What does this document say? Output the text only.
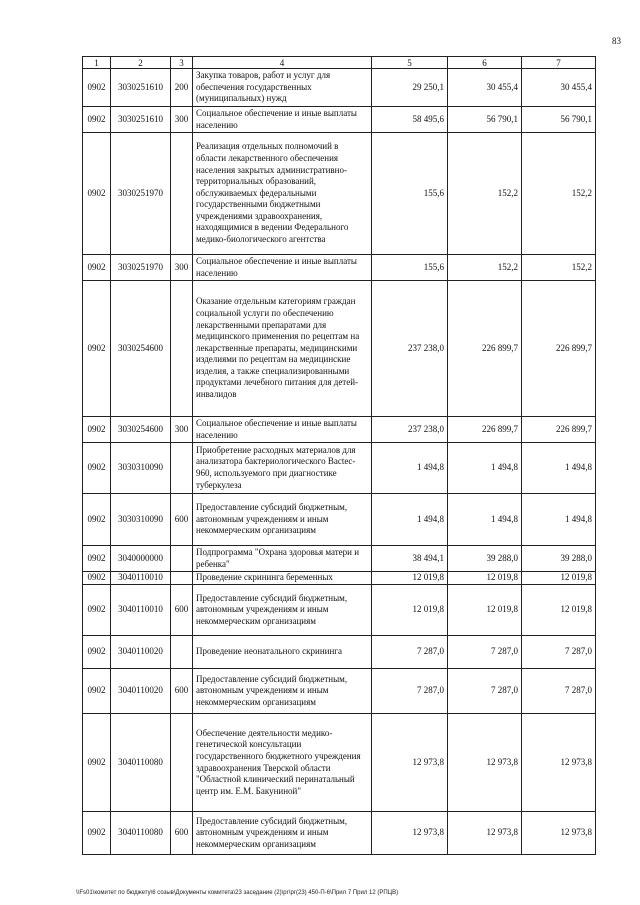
83
1	2	3	4	5	6	7
0902	3030251610	200	Закупка товаров, работ и услуг для обеспечения государственных (муниципальных) нужд	29 250,1	30 455,4	30 455,4
0902	3030251610	300	Социальное обеспечение и иные выплаты населению	58 495,6	56 790,1	56 790,1
0902	3030251970		Реализация отдельных полномочий в области лекарственного обеспечения населения закрытых административно-территориальных образований, обслуживаемых федеральными государственными бюджетными учреждениями здравоохранения, находящимися в ведении Федерального медико-биологического агентства	155,6	152,2	152,2
0902	3030251970	300	Социальное обеспечение и иные выплаты населению	155,6	152,2	152,2
0902	3030254600		Оказание отдельным категориям граждан социальной услуги по обеспечению лекарственными препаратами для медицинского применения по рецептам на лекарственные препараты, медицинскими изделиями по рецептам на медицинские изделия, а также специализированными продуктами лечебного питания для детей-инвалидов	237 238,0	226 899,7	226 899,7
0902	3030254600	300	Социальное обеспечение и иные выплаты населению	237 238,0	226 899,7	226 899,7
0902	3030310090		Приобретение расходных материалов для анализатора бактериологического Bactec-960, используемого при диагностике туберкулеза	1 494,8	1 494,8	1 494,8
0902	3030310090	600	Предоставление субсидий бюджетным, автономным учреждениям и иным некоммерческим организациям	1 494,8	1 494,8	1 494,8
0902	3040000000		Подпрограмма "Охрана здоровья матери и ребенка"	38 494,1	39 288,0	39 288,0
0902	3040110010		Проведение скрининга беременных	12 019,8	12 019,8	12 019,8
0902	3040110010	600	Предоставление субсидий бюджетным, автономным учреждениям и иным некоммерческим организациям	12 019,8	12 019,8	12 019,8
0902	3040110020		Проведение неонатального скрининга	7 287,0	7 287,0	7 287,0
0902	3040110020	600	Предоставление субсидий бюджетным, автономным учреждениям и иным некоммерческим организациям	7 287,0	7 287,0	7 287,0
0902	3040110080		Обеспечение деятельности медико-генетической консультации государственного бюджетного учреждения здравоохранения Тверской области "Областной клинический перинатальный центр им. Е.М. Бакуниной"	12 973,8	12 973,8	12 973,8
0902	3040110080	600	Предоставление субсидий бюджетным, автономным учреждениям и иным некоммерческим организациям	12 973,8	12 973,8	12 973,8
\\Fs01\комитет по бюджету\6 созыв\Документы комитета\23 заседание (2)\рг\рг(23) 450-П-6\Прил 7 Прил 12 (РПЦВ)
